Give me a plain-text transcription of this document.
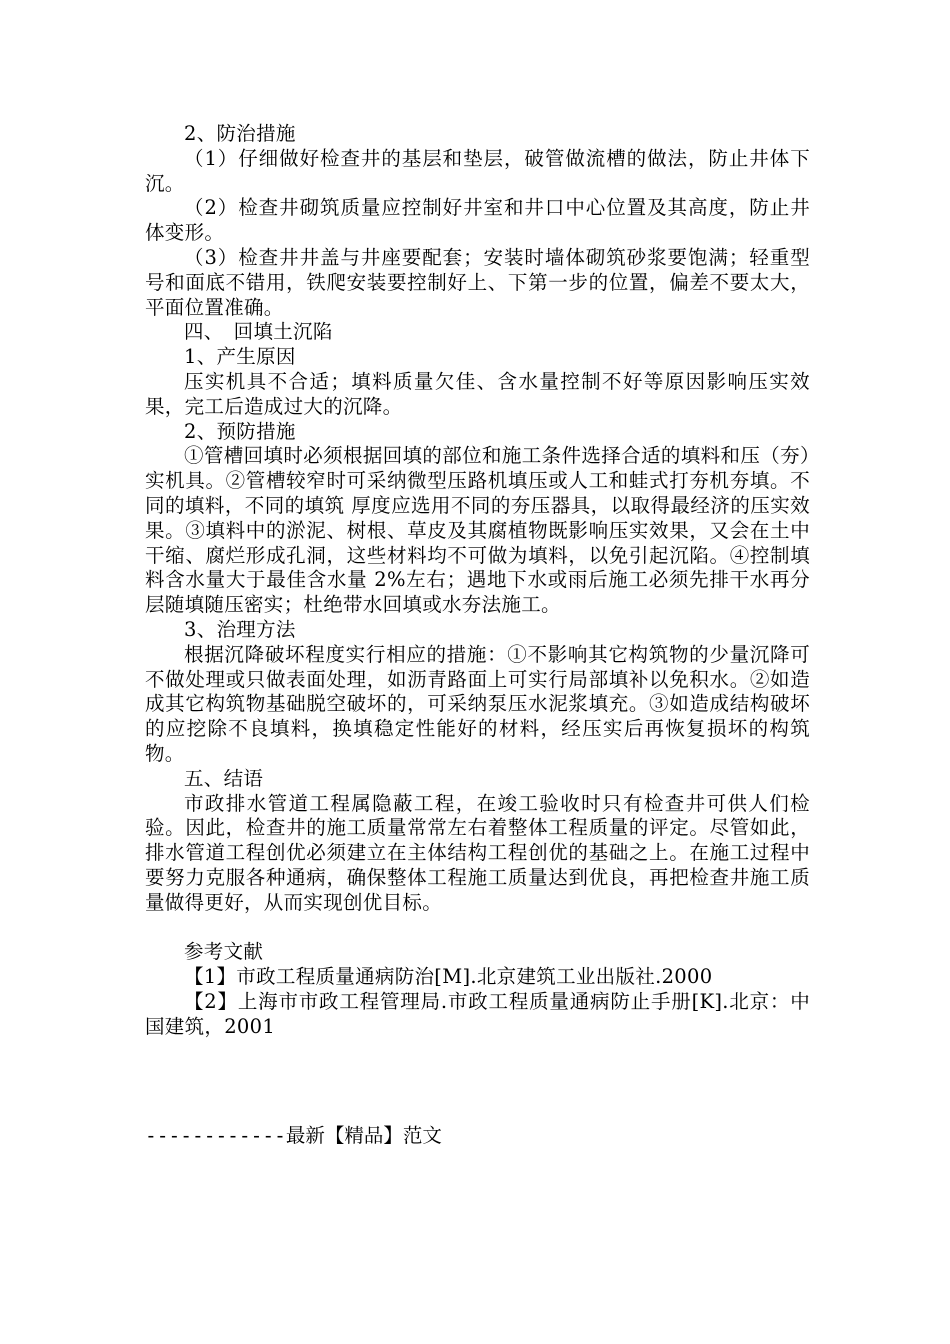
2、防治措施

（1）仔细做好检查井的基层和垫层，破管做流槽的做法，防止井体下沉。

（2）检查井砌筑质量应控制好井室和井口中心位置及其高度，防止井体变形。

（3）检查井井盖与井座要配套；安装时墙体砌筑砂浆要饱满；轻重型号和面底不错用，铁爬安装要控制好上、下第一步的位置，偏差不要太大，平面位置准确。

四、　回填土沉陷

1、产生原因

压实机具不合适；填料质量欠佳、含水量控制不好等原因影响压实效果，完工后造成过大的沉降。

2、预防措施

①管槽回填时必须根据回填的部位和施工条件选择合适的填料和压（夯）实机具。②管槽较窄时可采纳微型压路机填压或人工和蛙式打夯机夯填。不同的填料，不同的填筑 厚度应选用不同的夯压器具，以取得最经济的压实效果。③填料中的淤泥、树根、草皮及其腐植物既影响压实效果，又会在土中干缩、腐烂形成孔洞，这些材料均不可做为填料，以免引起沉陷。④控制填料含水量大于最佳含水量 2%左右；遇地下水或雨后施工必须先排干水再分层随填随压密实；杜绝带水回填或水夯法施工。

3、治理方法

根据沉降破坏程度实行相应的措施：①不影响其它构筑物的少量沉降可不做处理或只做表面处理，如沥青路面上可实行局部填补以免积水。②如造成其它构筑物基础脱空破坏的，可采纳泵压水泥浆填充。③如造成结构破坏的应挖除不良填料，换填稳定性能好的材料，经压实后再恢复损坏的构筑物。

五、结语

市政排水管道工程属隐蔽工程，在竣工验收时只有检查井可供人们检验。因此，检查井的施工质量常常左右着整体工程质量的评定。尽管如此，排水管道工程创优必须建立在主体结构工程创优的基础之上。在施工过程中要努力克服各种通病，确保整体工程施工质量达到优良，再把检查井施工质量做得更好，从而实现创优目标。

参考文献

【1】市政工程质量通病防治[M].北京建筑工业出版社.2000

【2】上海市市政工程管理局.市政工程质量通病防止手册[K].北京：中国建筑，2001

------------最新【精品】范文
